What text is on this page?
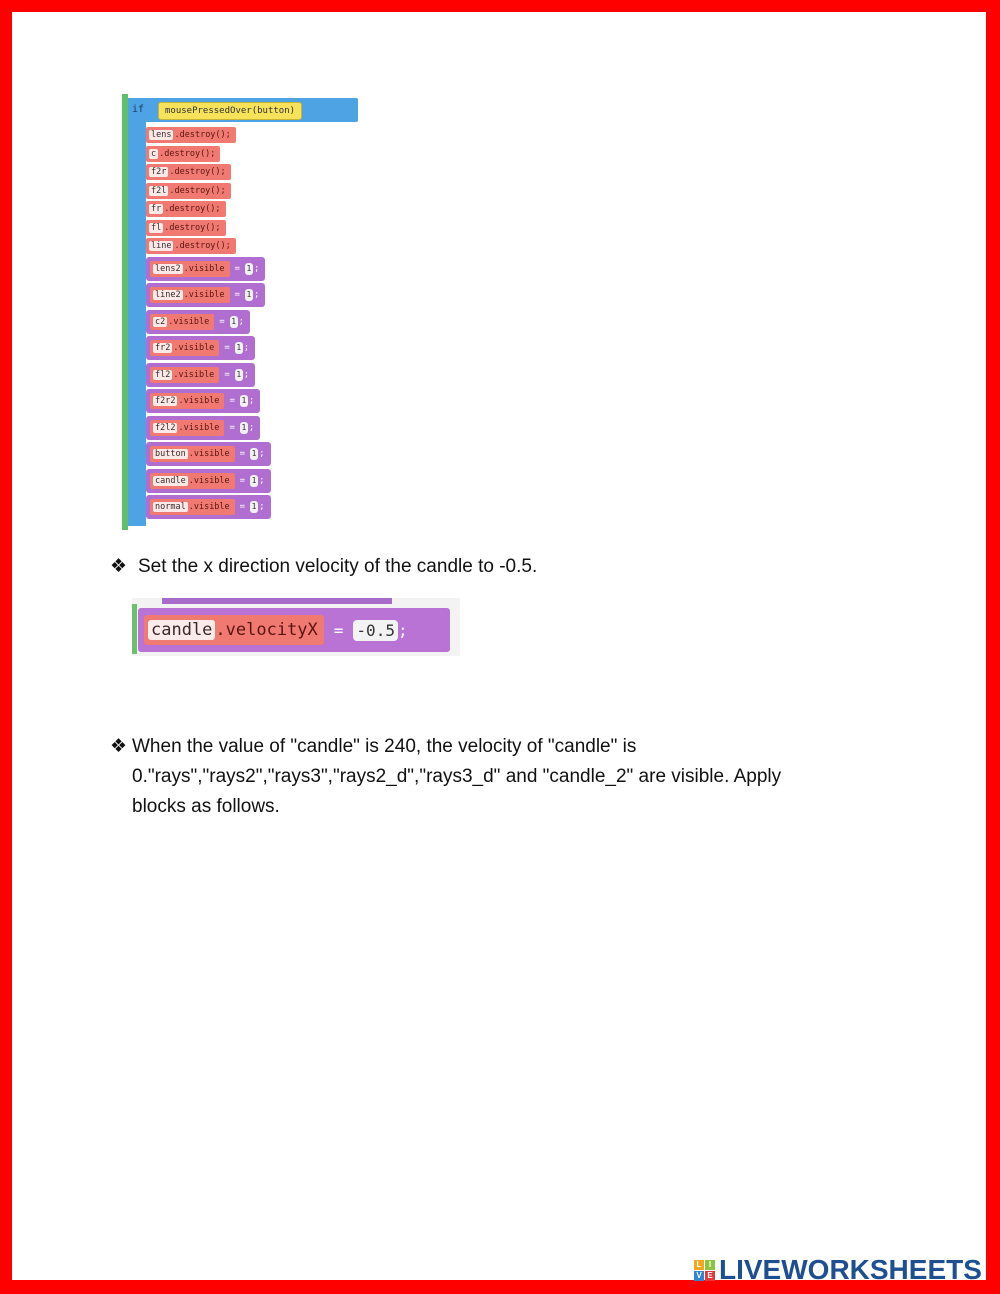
if	mousePressedOver(button)
lens .destroy();
c .destroy();
f2r .destroy();
f2l .destroy();
fr .destroy();
fl .destroy();
line .destroy();
lens2 .visible = 1 ;
line2 .visible = 1 ;
c2 .visible = 1 ;
fr2 .visible = 1 ;
fl2 .visible = 1 ;
f2r2 .visible = 1 ;
f2l2 .visible = 1 ;
button .visible = 1 ;
candle .visible = 1 ;
normal .visible = 1 ;
❖ Set the x direction velocity of the candle to -0.5.
candle .velocityX = -0.5 ;
❖ When the value of "candle" is 240, the velocity of "candle" is
0."rays","rays2","rays3","rays2_d","rays3_d" and "candle_2" are visible. Apply
blocks as follows.
L I
V E LIVEWORKSHEETS
